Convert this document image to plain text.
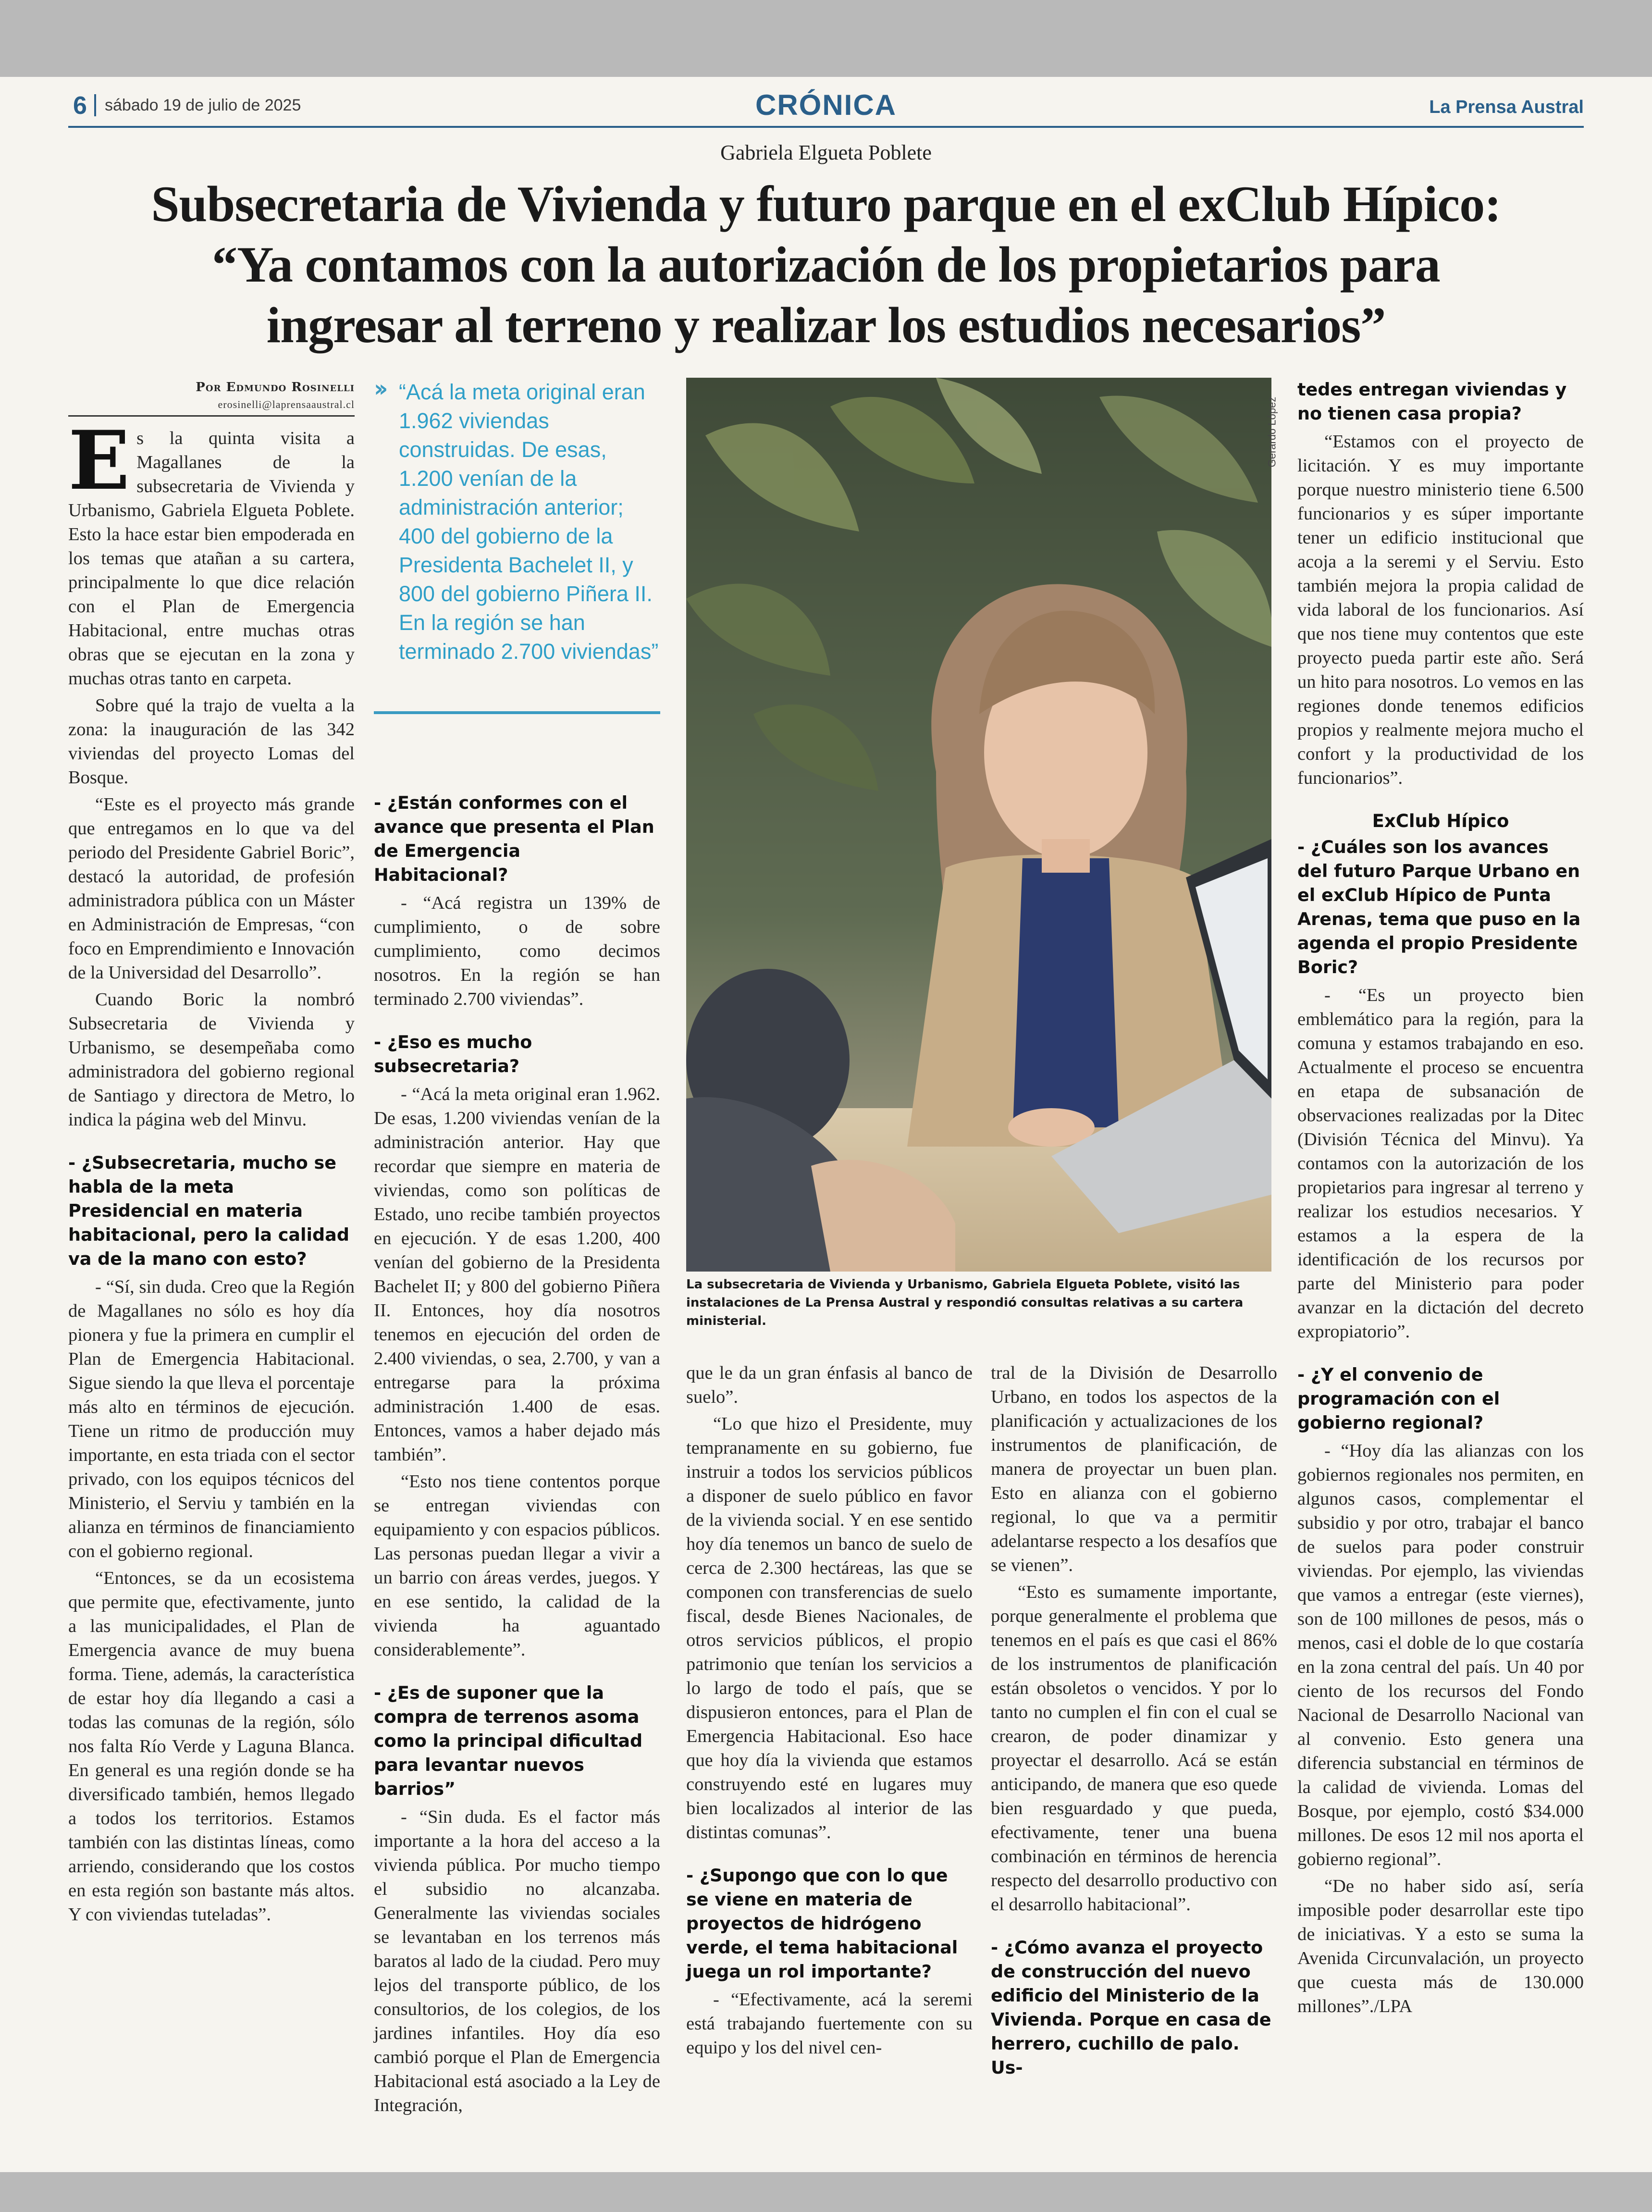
6 sábado 19 de julio de 2025	CRÓNICA	La Prensa Austral
Gabriela Elgueta Poblete
Subsecretaria de Vivienda y futuro parque en el exClub Hípico:
“Ya contamos con la autorización de los propietarios para
ingresar al terreno y realizar los estudios necesarios”
Por Edmundo Rosinelli
erosinelli@laprensaaustral.cl

Es la quinta visita a Magallanes de la subsecretaria de Vivienda y Urbanismo, Gabriela Elgueta Poblete. Esto la hace estar bien empoderada en los temas que atañan a su cartera, principalmente lo que dice relación con el Plan de Emergencia Habitacional, entre muchas otras obras que se ejecutan en la zona y muchas otras tanto en carpeta.

Sobre qué la trajo de vuelta a la zona: la inauguración de las 342 viviendas del proyecto Lomas del Bosque.

“Este es el proyecto más grande que entregamos en lo que va del periodo del Presidente Gabriel Boric”, destacó la autoridad, de profesión administradora pública con un Máster en Administración de Empresas, “con foco en Emprendimiento e Innovación de la Universidad del Desarrollo”.

Cuando Boric la nombró Subsecretaria de Vivienda y Urbanismo, se desempeñaba como administradora del gobierno regional de Santiago y directora de Metro, lo indica la página web del Minvu.

- ¿Subsecretaria, mucho se habla de la meta Presidencial en materia habitacional, pero la calidad va de la mano con esto?

- “Sí, sin duda. Creo que la Región de Magallanes no sólo es hoy día pionera y fue la primera en cumplir el Plan de Emergencia Habitacional. Sigue siendo la que lleva el porcentaje más alto en términos de ejecución. Tiene un ritmo de producción muy importante, en esta triada con el sector privado, con los equipos técnicos del Ministerio, el Serviu y también en la alianza en términos de financiamiento con el gobierno regional.

“Entonces, se da un ecosistema que permite que, efectivamente, junto a las municipalidades, el Plan de Emergencia avance de muy buena forma. Tiene, además, la característica de estar hoy día llegando a casi a todas las comunas de la región, sólo nos falta Río Verde y Laguna Blanca. En general es una región donde se ha diversificado también, hemos llegado a todos los territorios. Estamos también con las distintas líneas, como arriendo, considerando que los costos en esta región son bastante más altos. Y con viviendas tuteladas”.

›› “Acá la meta original eran 1.962 viviendas construidas. De esas, 1.200 venían de la administración anterior; 400 del gobierno de la Presidenta Bachelet II, y 800 del gobierno Piñera II. En la región se han terminado 2.700 viviendas”
- ¿Están conformes con el avance que presenta el Plan de Emergencia Habitacional?

- “Acá registra un 139% de cumplimiento, o de sobre cumplimiento, como decimos nosotros. En la región se han terminado 2.700 viviendas”.

- ¿Eso es mucho subsecretaria?

- “Acá la meta original eran 1.962. De esas, 1.200 viviendas venían de la administración anterior. Hay que recordar que siempre en materia de viviendas, como son políticas de Estado, uno recibe también proyectos en ejecución. Y de esas 1.200, 400 venían del gobierno de la Presidenta Bachelet II; y 800 del gobierno Piñera II. Entonces, hoy día nosotros tenemos en ejecución del orden de 2.400 viviendas, o sea, 2.700, y van a entregarse para la próxima administración 1.400 de esas. Entonces, vamos a haber dejado más también”.

“Esto nos tiene contentos porque se entregan viviendas con equipamiento y con espacios públicos. Las personas puedan llegar a vivir a un barrio con áreas verdes, juegos. Y en ese sentido, la calidad de la vivienda ha aguantado considerablemente”.

- ¿Es de suponer que la compra de terrenos asoma como la principal dificultad para levantar nuevos barrios”

- “Sin duda. Es el factor más importante a la hora del acceso a la vivienda pública. Por mucho tiempo el subsidio no alcanzaba. Generalmente las viviendas sociales se levantaban en los terrenos más baratos al lado de la ciudad. Pero muy lejos del transporte público, de los consultorios, de los colegios, de los jardines infantiles. Hoy día eso cambió porque el Plan de Emergencia Habitacional está asociado a la Ley de Integración,

Gerardo López
La subsecretaria de Vivienda y Urbanismo, Gabriela Elgueta Poblete, visitó las instalaciones de La Prensa Austral y respondió consultas relativas a su cartera ministerial.

que le da un gran énfasis al banco de suelo”.

“Lo que hizo el Presidente, muy tempranamente en su gobierno, fue instruir a todos los servicios públicos a disponer de suelo público en favor de la vivienda social. Y en ese sentido hoy día tenemos un banco de suelo de cerca de 2.300 hectáreas, las que se componen con transferencias de suelo fiscal, desde Bienes Nacionales, de otros servicios públicos, el propio patrimonio que tenían los servicios a lo largo de todo el país, que se dispusieron entonces, para el Plan de Emergencia Habitacional. Eso hace que hoy día la vivienda que estamos construyendo esté en lugares muy bien localizados al interior de las distintas comunas”.

- ¿Supongo que con lo que se viene en materia de proyectos de hidrógeno verde, el tema habitacional juega un rol importante?

- “Efectivamente, acá la seremi está trabajando fuertemente con su equipo y los del nivel cen-

tral de la División de Desarrollo Urbano, en todos los aspectos de la planificación y actualizaciones de los instrumentos de planificación, de manera de proyectar un buen plan. Esto en alianza con el gobierno regional, lo que va a permitir adelantarse respecto a los desafíos que se vienen”.

“Esto es sumamente importante, porque generalmente el problema que tenemos en el país es que casi el 86% de los instrumentos de planificación están obsoletos o vencidos. Y por lo tanto no cumplen el fin con el cual se crearon, de poder dinamizar y proyectar el desarrollo. Acá se están anticipando, de manera que eso quede bien resguardado y que pueda, efectivamente, tener una buena combinación en términos de herencia respecto del desarrollo productivo con el desarrollo habitacional”.

- ¿Cómo avanza el proyecto de construcción del nuevo edificio del Ministerio de la Vivienda. Porque en casa de herrero, cuchillo de palo. Us-
tedes entregan viviendas y no tienen casa propia?

“Estamos con el proyecto de licitación. Y es muy importante porque nuestro ministerio tiene 6.500 funcionarios y es súper importante tener un edificio institucional que acoja a la seremi y el Serviu. Esto también mejora la propia calidad de vida laboral de los funcionarios. Así que nos tiene muy contentos que este proyecto pueda partir este año. Será un hito para nosotros. Lo vemos en las regiones donde tenemos edificios propios y realmente mejora mucho el confort y la productividad de los funcionarios”.

ExClub Hípico
- ¿Cuáles son los avances del futuro Parque Urbano en el exClub Hípico de Punta Arenas, tema que puso en la agenda el propio Presidente Boric?

- “Es un proyecto bien emblemático para la región, para la comuna y estamos trabajando en eso. Actualmente el proceso se encuentra en etapa de subsanación de observaciones realizadas por la Ditec (División Técnica del Minvu). Ya contamos con la autorización de los propietarios para ingresar al terreno y realizar los estudios necesarios. Y estamos a la espera de la identificación de los recursos por parte del Ministerio para poder avanzar en la dictación del decreto expropiatorio”.

- ¿Y el convenio de programación con el gobierno regional?

- “Hoy día las alianzas con los gobiernos regionales nos permiten, en algunos casos, complementar el subsidio y por otro, trabajar el banco de suelos para poder construir viviendas. Por ejemplo, las viviendas que vamos a entregar (este viernes), son de 100 millones de pesos, más o menos, casi el doble de lo que costaría en la zona central del país. Un 40 por ciento de los recursos del Fondo Nacional de Desarrollo Nacional van al convenio. Esto genera una diferencia substancial en términos de la calidad de vivienda. Lomas del Bosque, por ejemplo, costó $34.000 millones. De esos 12 mil nos aporta el gobierno regional”.

“De no haber sido así, sería imposible poder desarrollar este tipo de iniciativas. Y a esto se suma la Avenida Circunvalación, un proyecto que cuesta más de 130.000 millones”./LPA
